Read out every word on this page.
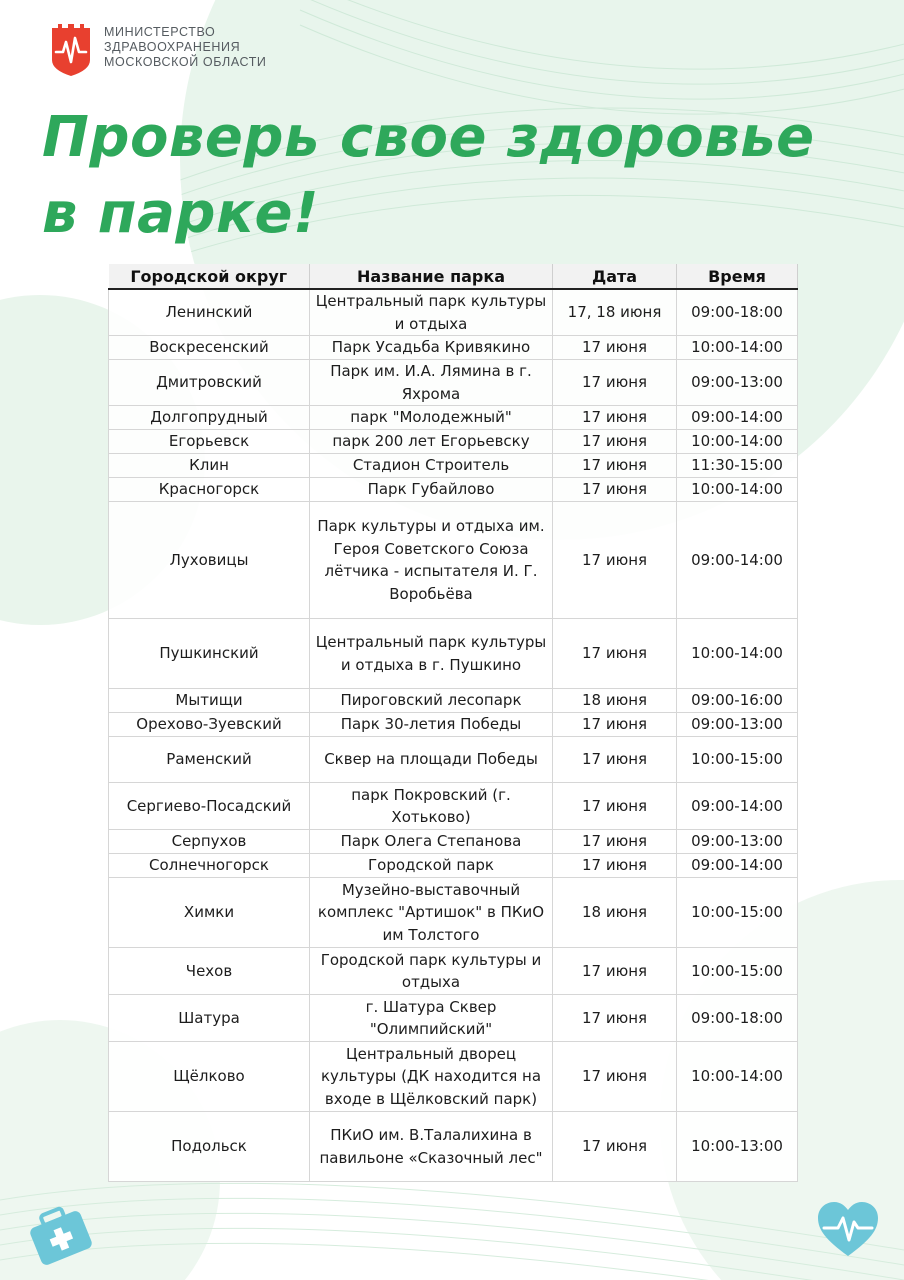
МИНИСТЕРСТВО
ЗДРАВООХРАНЕНИЯ
МОСКОВСКОЙ ОБЛАСТИ
Проверь свое здоровье
в парке!
Городской округ	Название парка	Дата	Время
Ленинский	Центральный парк культуры и отдыха	17, 18 июня	09:00-18:00
Воскресенский	Парк Усадьба Кривякино	17 июня	10:00-14:00
Дмитровский	Парк им. И.А. Лямина в г. Яхрома	17 июня	09:00-13:00
Долгопрудный	парк "Молодежный"	17 июня	09:00-14:00
Егорьевск	парк 200 лет Егорьевску	17 июня	10:00-14:00
Клин	Стадион Строитель	17 июня	11:30-15:00
Красногорск	Парк Губайлово	17 июня	10:00-14:00
Луховицы	Парк культуры и отдыха им. Героя Советского Союза лётчика - испытателя И. Г. Воробьёва	17 июня	09:00-14:00
Пушкинский	Центральный парк культуры и отдыха в г. Пушкино	17 июня	10:00-14:00
Мытищи	Пироговский лесопарк	18 июня	09:00-16:00
Орехово-Зуевский	Парк 30-летия Победы	17 июня	09:00-13:00
Раменский	Сквер на площади Победы	17 июня	10:00-15:00
Сергиево-Посадский	парк Покровский (г. Хотьково)	17 июня	09:00-14:00
Серпухов	Парк Олега Степанова	17 июня	09:00-13:00
Солнечногорск	Городской парк	17 июня	09:00-14:00
Химки	Музейно-выставочный комплекс "Артишок" в ПКиО им Толстого	18 июня	10:00-15:00
Чехов	Городской парк культуры и отдыха	17 июня	10:00-15:00
Шатура	г. Шатура Сквер "Олимпийский"	17 июня	09:00-18:00
Щёлково	Центральный дворец культуры (ДК находится на входе в Щёлковский парк)	17 июня	10:00-14:00
Подольск	ПКиО им. В.Талалихина в павильоне «Сказочный лес"	17 июня	10:00-13:00
